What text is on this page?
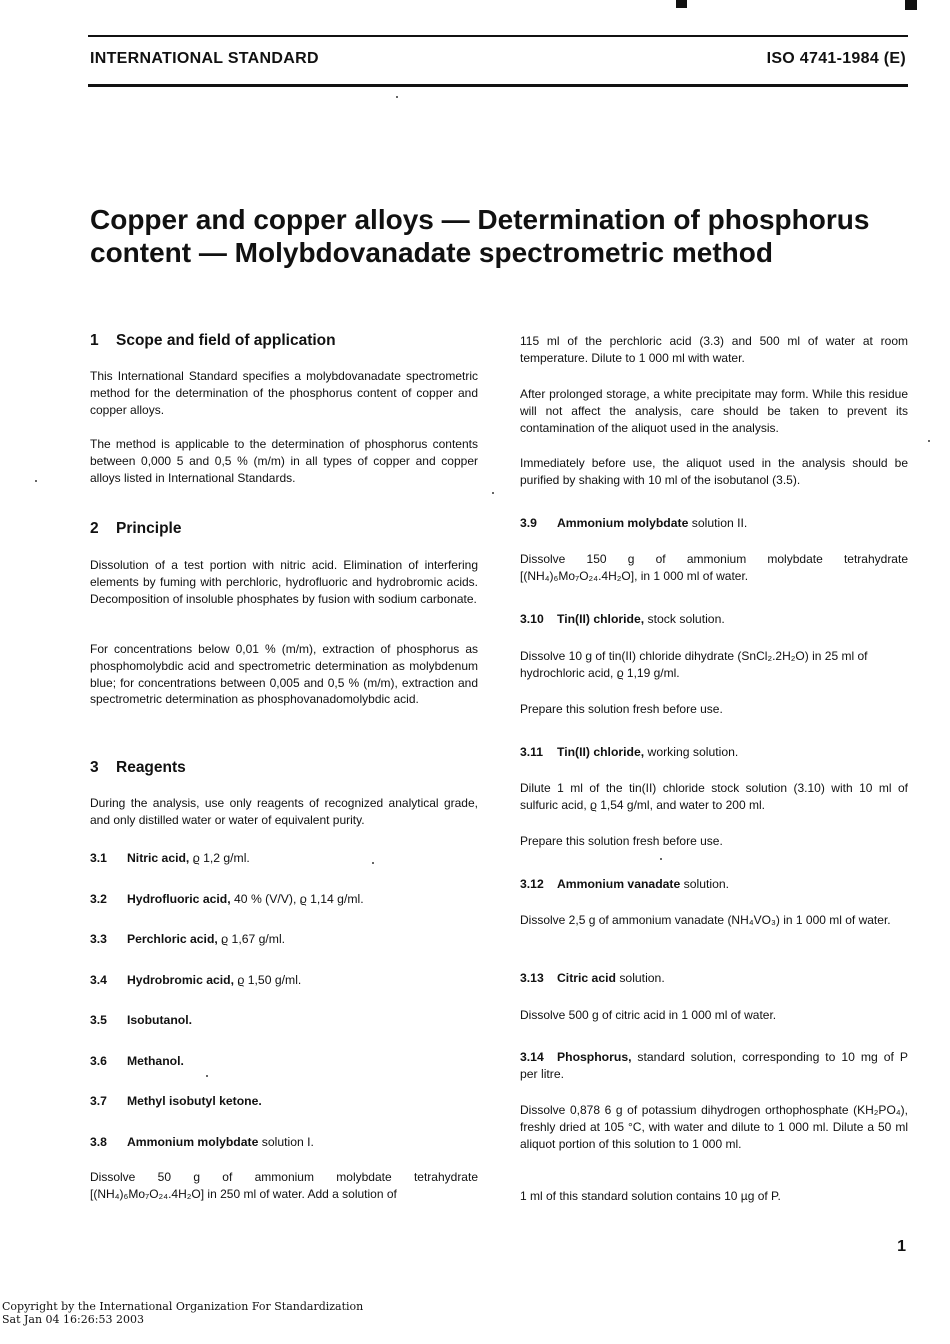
INTERNATIONAL STANDARD	ISO 4741-1984 (E)
Copper and copper alloys — Determination of phosphorus
content — Molybdovanadate spectrometric method
1 Scope and field of application

This International Standard specifies a molybdovanadate spectrometric method for the determination of the phosphorus content of copper and copper alloys.

The method is applicable to the determination of phosphorus contents between 0,000 5 and 0,5 % (m/m) in all types of copper and copper alloys listed in International Standards.

2 Principle

Dissolution of a test portion with nitric acid. Elimination of interfering elements by fuming with perchloric, hydrofluoric and hydrobromic acids. Decomposition of insoluble phosphates by fusion with sodium carbonate.

For concentrations below 0,01 % (m/m), extraction of phosphorus as phosphomolybdic acid and spectrometric determination as molybdenum blue; for concentrations between 0,005 and 0,5 % (m/m), extraction and spectrometric determination as phosphovanadomolybdic acid.

3 Reagents

During the analysis, use only reagents of recognized analytical grade, and only distilled water or water of equivalent purity.

3.1 Nitric acid, ϱ 1,2 g/ml.
3.2 Hydrofluoric acid, 40 % (V/V), ϱ 1,14 g/ml.
3.3 Perchloric acid, ϱ 1,67 g/ml.
3.4 Hydrobromic acid, ϱ 1,50 g/ml.
3.5 Isobutanol.
3.6 Methanol.
3.7 Methyl isobutyl ketone.
3.8 Ammonium molybdate solution I.

Dissolve 50 g of ammonium molybdate tetrahydrate [(NH₄)₆Mo₇O₂₄.4H₂O] in 250 ml of water. Add a solution of

115 ml of the perchloric acid (3.3) and 500 ml of water at room temperature. Dilute to 1 000 ml with water.

After prolonged storage, a white precipitate may form. While this residue will not affect the analysis, care should be taken to prevent its contamination of the aliquot used in the analysis.

Immediately before use, the aliquot used in the analysis should be purified by shaking with 10 ml of the isobutanol (3.5).

3.9 Ammonium molybdate solution II.

Dissolve 150 g of ammonium molybdate tetrahydrate [(NH₄)₆Mo₇O₂₄.4H₂O], in 1 000 ml of water.

3.10 Tin(II) chloride, stock solution.

Dissolve 10 g of tin(II) chloride dihydrate (SnCl₂.2H₂O) in 25 ml of hydrochloric acid, ϱ 1,19 g/ml.

Prepare this solution fresh before use.

3.11 Tin(II) chloride, working solution.

Dilute 1 ml of the tin(II) chloride stock solution (3.10) with 10 ml of sulfuric acid, ϱ 1,54 g/ml, and water to 200 ml.

Prepare this solution fresh before use.

3.12 Ammonium vanadate solution.

Dissolve 2,5 g of ammonium vanadate (NH₄VO₃) in 1 000 ml of water.

3.13 Citric acid solution.

Dissolve 500 g of citric acid in 1 000 ml of water.

3.14 Phosphorus, standard solution, corresponding to 10 mg of P per litre.

Dissolve 0,878 6 g of potassium dihydrogen orthophosphate (KH₂PO₄), freshly dried at 105 °C, with water and dilute to 1 000 ml. Dilute a 50 ml aliquot portion of this solution to 1 000 ml.

1 ml of this standard solution contains 10 µg of P.

1
Copyright by the International Organization For Standardization
Sat Jan 04 16:26:53 2003
